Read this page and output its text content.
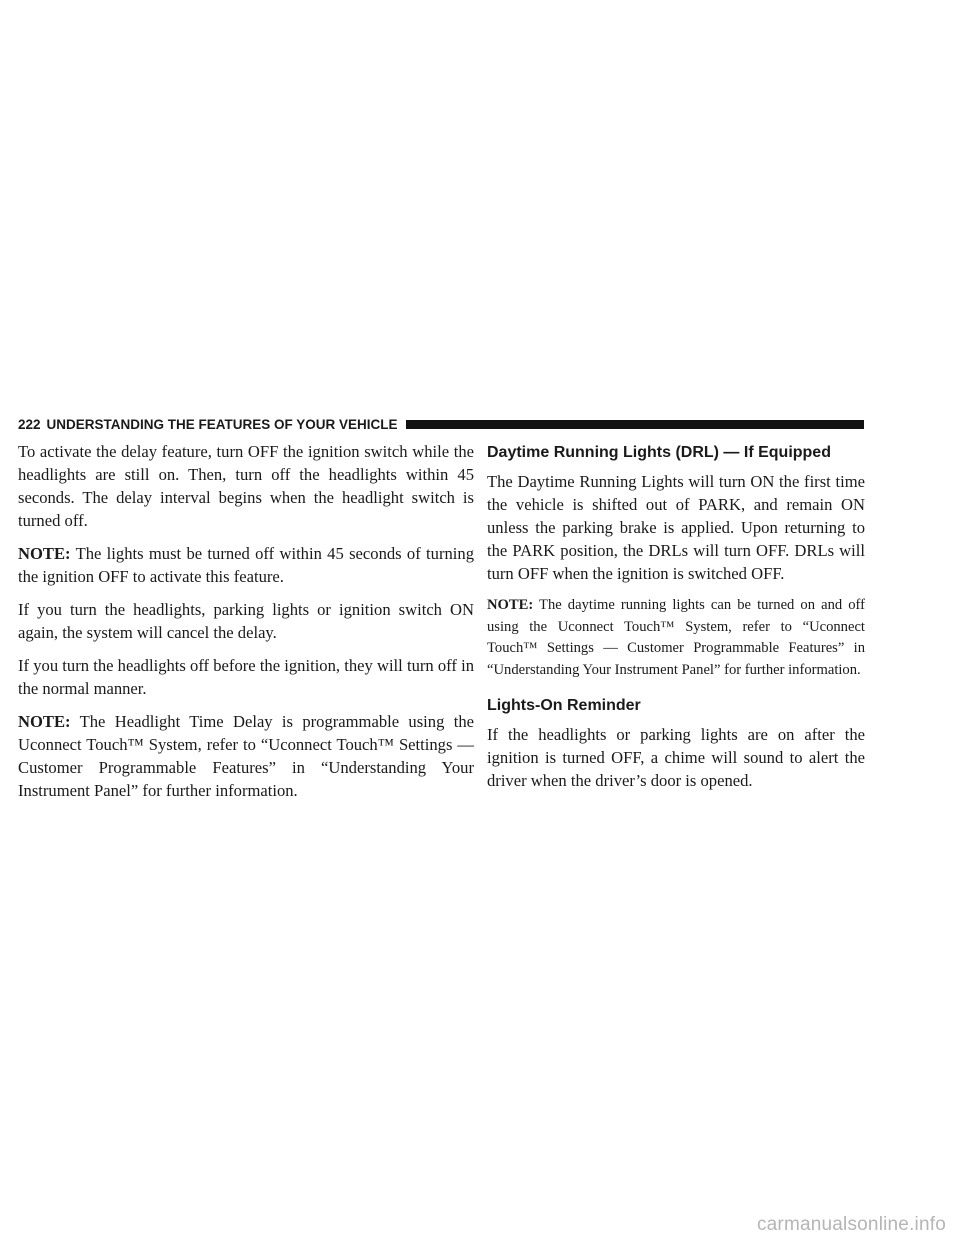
222 UNDERSTANDING THE FEATURES OF YOUR VEHICLE

To activate the delay feature, turn OFF the ignition switch while the headlights are still on. Then, turn off the headlights within 45 seconds. The delay interval begins when the headlight switch is turned off.

NOTE: The lights must be turned off within 45 seconds of turning the ignition OFF to activate this feature.

If you turn the headlights, parking lights or ignition switch ON again, the system will cancel the delay.

If you turn the headlights off before the ignition, they will turn off in the normal manner.

NOTE: The Headlight Time Delay is programmable using the Uconnect Touch™ System, refer to “Uconnect Touch™ Settings — Customer Programmable Features” in “Understanding Your Instrument Panel” for further information.

Daytime Running Lights (DRL) — If Equipped

The Daytime Running Lights will turn ON the first time the vehicle is shifted out of PARK, and remain ON unless the parking brake is applied. Upon returning to the PARK position, the DRLs will turn OFF. DRLs will turn OFF when the ignition is switched OFF.

NOTE: The daytime running lights can be turned on and off using the Uconnect Touch™ System, refer to “Uconnect Touch™ Settings — Customer Programmable Features” in “Understanding Your Instrument Panel” for further information.

Lights-On Reminder

If the headlights or parking lights are on after the ignition is turned OFF, a chime will sound to alert the driver when the driver’s door is opened.

carmanualsonline.info
